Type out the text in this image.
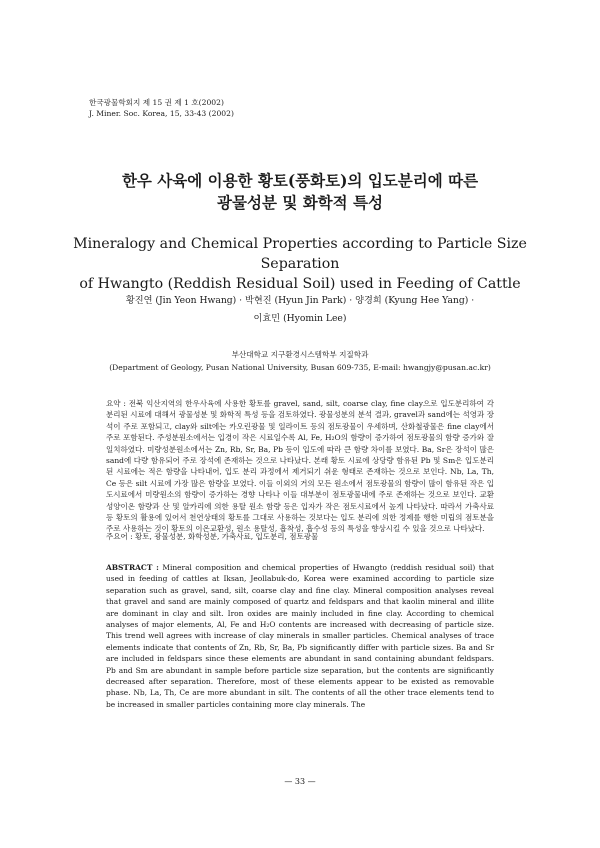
한국광물학회지 제 15 권 제 1 호(2002)
J. Miner. Soc. Korea, 15, 33-43 (2002)
한우 사육에 이용한 황토(풍화토)의 입도분리에 따른
광물성분 및 화학적 특성
Mineralogy and Chemical Properties according to Particle Size Separation
of Hwangto (Reddish Residual Soil) used in Feeding of Cattle
황진연 (Jin Yeon Hwang) · 박현진 (Hyun Jin Park) · 양경희 (Kyung Hee Yang) ·
이효민 (Hyomin Lee)
부산대학교 지구환경시스템학부 지질학과
(Department of Geology, Pusan National University, Busan 609-735, E-mail: hwangjy@pusan.ac.kr)
요약 : 전북 익산지역의 한우사육에 사용한 황토를 gravel, sand, silt, coarse clay, fine clay으로 입도분리하여 각 분리된 시료에 대해서 광물성분 및 화학적 특성 등을 검토하였다. 광물성분의 분석 결과, gravel과 sand에는 석영과 장석이 주로 포함되고, clay와 silt에는 카오린광물 및 일라이트 등의 점토광물이 우세하며, 산화철광물은 fine clay에서 주로 포함된다. 주성분원소에서는 입경이 작은 시료일수록 Al, Fe, H₂O의 함량이 증가하여 점토광물의 함량 증가와 잘 일치하였다. 미량성분원소에서는 Zn, Rb, Sr, Ba, Pb 등이 입도에 따라 큰 함량 차이를 보였다. Ba, Sr은 장석이 많은 sand에 다량 함유되어 주로 장석에 존재하는 것으로 나타났다. 본래 황토 시료에 상당량 함유된 Pb 및 Sm은 입도분리된 시료에는 적은 함량을 나타내어, 입도 분리 과정에서 제거되기 쉬운 형태로 존재하는 것으로 보인다. Nb, La, Th, Ce 등은 silt 시료에 가장 많은 함량을 보였다. 이들 이외의 거의 모든 원소에서 점토광물의 함량이 많이 함유된 작은 입도시료에서 미량원소의 함량이 증가하는 경향 나타나 이들 대부분이 점토광물내에 주로 존재하는 것으로 보인다. 교환성양이온 함량과 산 및 알카리에 의한 용탈 원소 함량 등은 입자가 작은 점토시료에서 높게 나타났다. 따라서 가축사료 등 황토의 활용에 있어서 천연상태의 황토를 그대로 사용하는 것보다는 입도 분리에 의한 정제를 행한 미립의 점토분을 주로 사용하는 것이 황토의 이온교환성, 원소 용탈성, 흡착성, 흡수성 등의 특성을 향상시킬 수 있을 것으로 나타났다.
주요어 : 황토, 광물성분, 화학성분, 가축사료, 입도분리, 점토광물
ABSTRACT : Mineral composition and chemical properties of Hwangto (reddish residual soil) that used in feeding of cattles at Iksan, Jeollabuk-do, Korea were examined according to particle size separation such as gravel, sand, silt, coarse clay and fine clay. Mineral composition analyses reveal that gravel and sand are mainly composed of quartz and feldspars and that kaolin mineral and illite are dominant in clay and silt. Iron oxides are mainly included in fine clay. According to chemical analyses of major elements, Al, Fe and H₂O contents are increased with decreasing of particle size. This trend well agrees with increase of clay minerals in smaller particles. Chemical analyses of trace elements indicate that contents of Zn, Rb, Sr, Ba, Pb significantly differ with particle sizes. Ba and Sr are included in feldspars since these elements are abundant in sand containing abundant feldspars. Pb and Sm are abundant in sample before particle size separation, but the contents are significantly decreased after separation. Therefore, most of these elements appear to be existed as removable phase. Nb, La, Th, Ce are more abundant in silt. The contents of all the other trace elements tend to be increased in smaller particles containing more clay minerals. The
— 33 —
